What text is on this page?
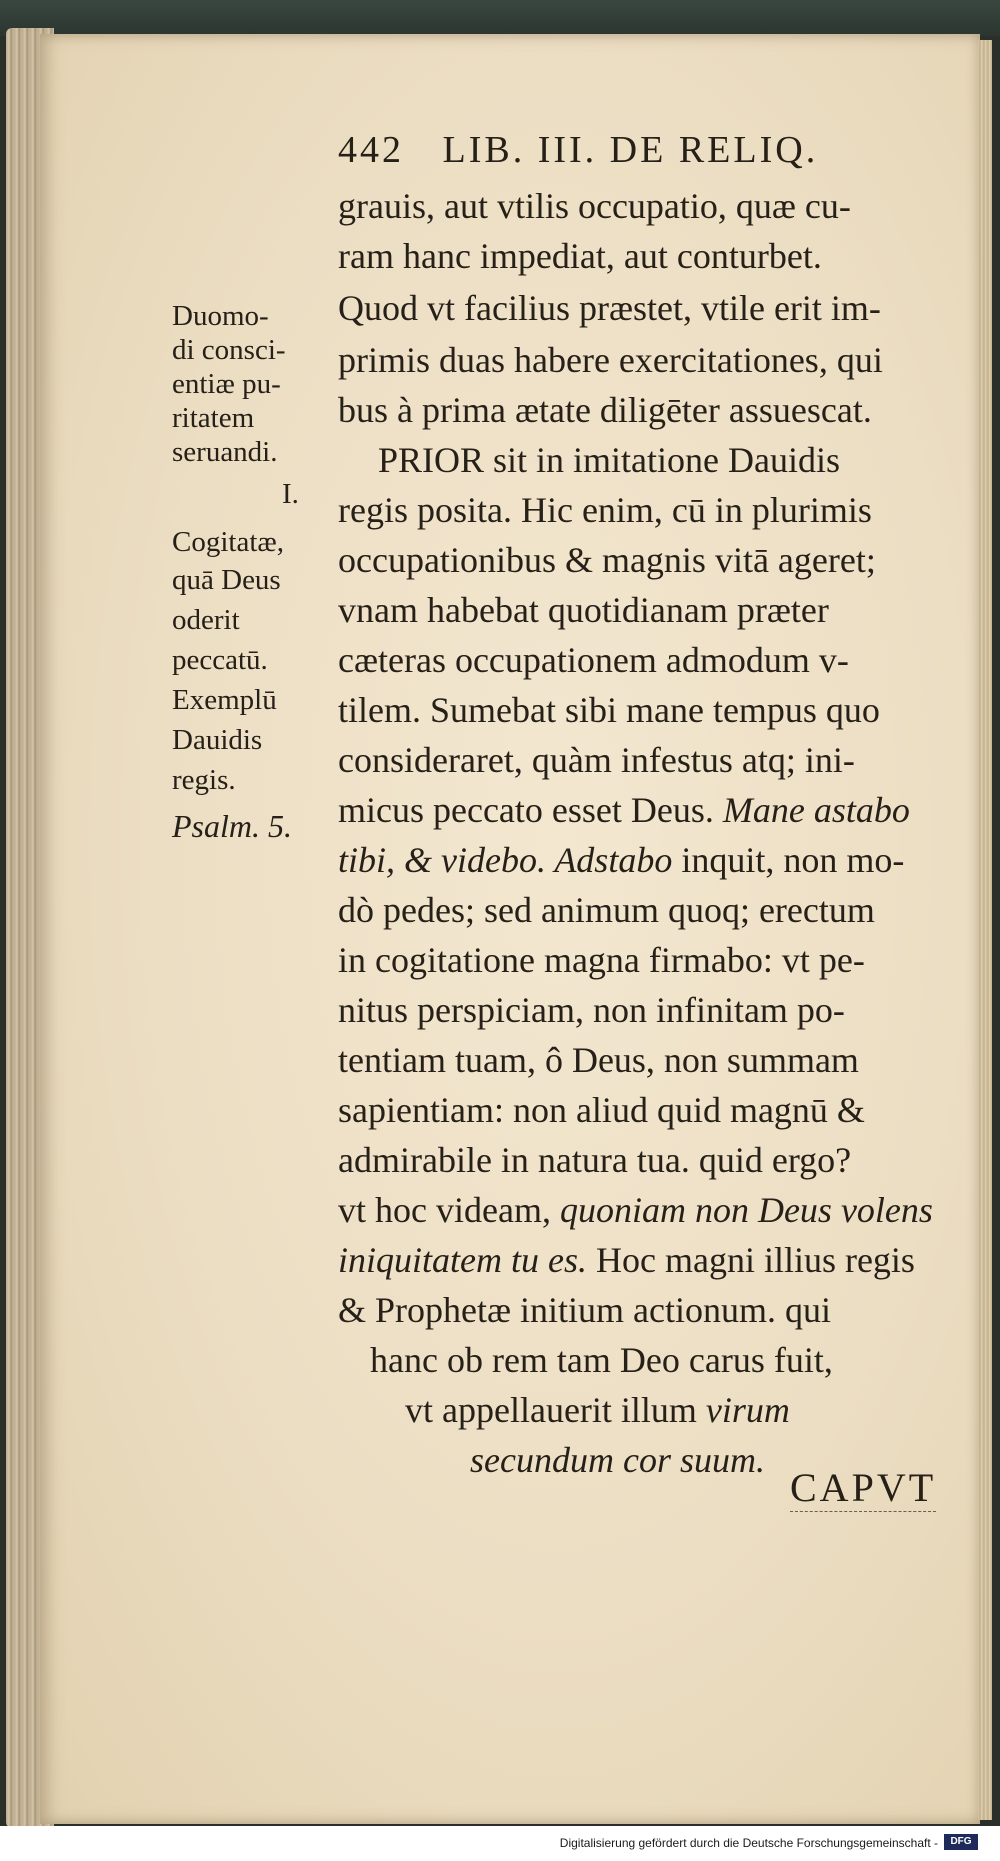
442 LIB. III. DE RELIQ.
grauis, aut vtilis occupatio, quæ cu-
ram hanc impediat, aut conturbet.
Quod vt facilius præstet, vtile erit im-
primis duas habere exercitationes, qui
bus à prima ætate diligēter assuescat.
PRIOR sit in imitatione Dauidis
regis posita. Hic enim, cū in plurimis
occupationibus & magnis vitā ageret;
vnam habebat quotidianam præter
cæteras occupationem admodum v-
tilem. Sumebat sibi mane tempus quo
consideraret, quàm infestus atq; ini-
micus peccato esset Deus. Mane astabo
tibi, & videbo. Adstabo inquit, non mo-
dò pedes; sed animum quoq; erectum
in cogitatione magna firmabo: vt pe-
nitus perspiciam, non infinitam po-
tentiam tuam, ô Deus, non summam
sapientiam: non aliud quid magnū &
admirabile in natura tua. quid ergo?
vt hoc videam, quoniam non Deus volens
iniquitatem tu es. Hoc magni illius regis
& Prophetæ initium actionum. qui
hanc ob rem tam Deo carus fuit,
vt appellauerit illum virum
secundum cor suum.
Duomo-
di consci-
entiæ pu-
ritatem
seruandi.
I.
Cogitatæ,
quā Deus
oderit
peccatū.
Exemplū
Dauidis
regis.
Psalm. 5.
CAPVT
Digitalisierung gefördert durch die Deutsche Forschungsgemeinschaft -	DFG
